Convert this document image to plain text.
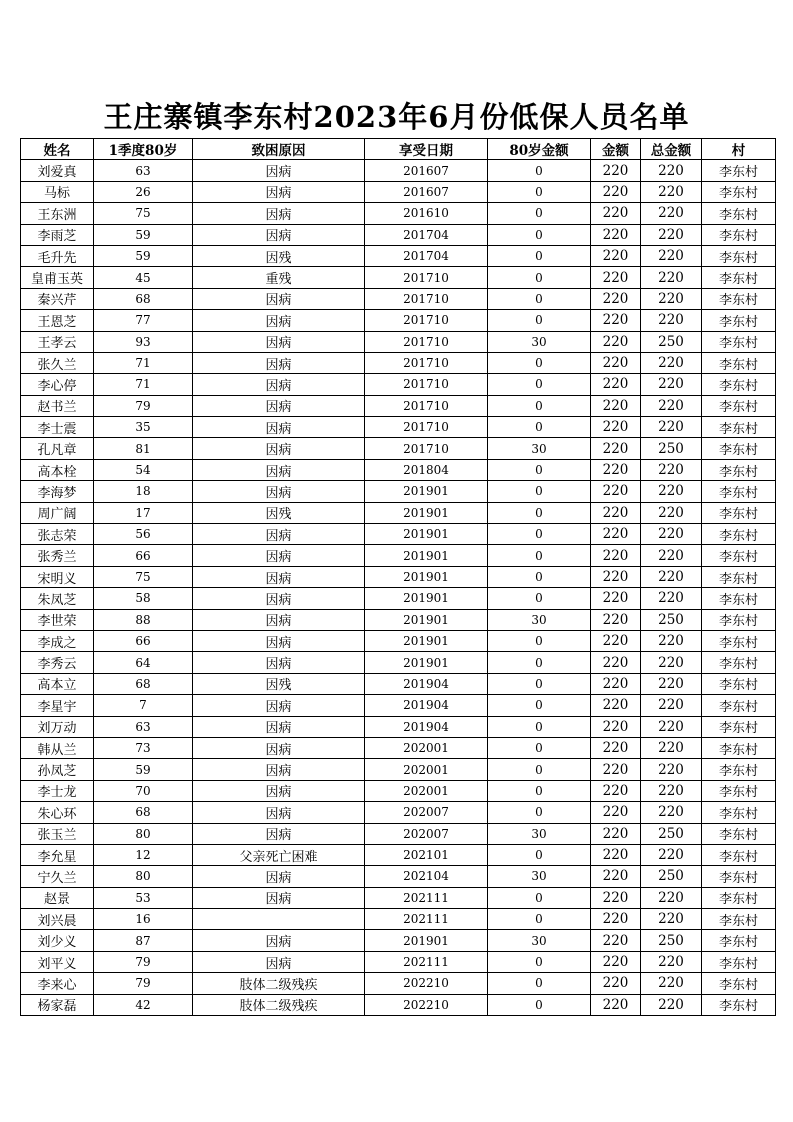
王庄寨镇李东村2023年6月份低保人员名单
姓名	1季度80岁	致困原因	享受日期	80岁金额	金额	总金额	村
刘爱真	63	因病	201607	0	220	220	李东村
马标	26	因病	201607	0	220	220	李东村
王东洲	75	因病	201610	0	220	220	李东村
李雨芝	59	因病	201704	0	220	220	李东村
毛升先	59	因残	201704	0	220	220	李东村
皇甫玉英	45	重残	201710	0	220	220	李东村
秦兴芹	68	因病	201710	0	220	220	李东村
王恩芝	77	因病	201710	0	220	220	李东村
王孝云	93	因病	201710	30	220	250	李东村
张久兰	71	因病	201710	0	220	220	李东村
李心停	71	因病	201710	0	220	220	李东村
赵书兰	79	因病	201710	0	220	220	李东村
李士震	35	因病	201710	0	220	220	李东村
孔凡章	81	因病	201710	30	220	250	李东村
高本栓	54	因病	201804	0	220	220	李东村
李海梦	18	因病	201901	0	220	220	李东村
周广阔	17	因残	201901	0	220	220	李东村
张志荣	56	因病	201901	0	220	220	李东村
张秀兰	66	因病	201901	0	220	220	李东村
宋明义	75	因病	201901	0	220	220	李东村
朱凤芝	58	因病	201901	0	220	220	李东村
李世荣	88	因病	201901	30	220	250	李东村
李成之	66	因病	201901	0	220	220	李东村
李秀云	64	因病	201901	0	220	220	李东村
高本立	68	因残	201904	0	220	220	李东村
李星宇	7	因病	201904	0	220	220	李东村
刘万动	63	因病	201904	0	220	220	李东村
韩从兰	73	因病	202001	0	220	220	李东村
孙凤芝	59	因病	202001	0	220	220	李东村
李士龙	70	因病	202001	0	220	220	李东村
朱心环	68	因病	202007	0	220	220	李东村
张玉兰	80	因病	202007	30	220	250	李东村
李允星	12	父亲死亡困难	202101	0	220	220	李东村
宁久兰	80	因病	202104	30	220	250	李东村
赵景	53	因病	202111	0	220	220	李东村
刘兴晨	16		202111	0	220	220	李东村
刘少义	87	因病	201901	30	220	250	李东村
刘平义	79	因病	202111	0	220	220	李东村
李来心	79	肢体二级残疾	202210	0	220	220	李东村
杨家磊	42	肢体二级残疾	202210	0	220	220	李东村
